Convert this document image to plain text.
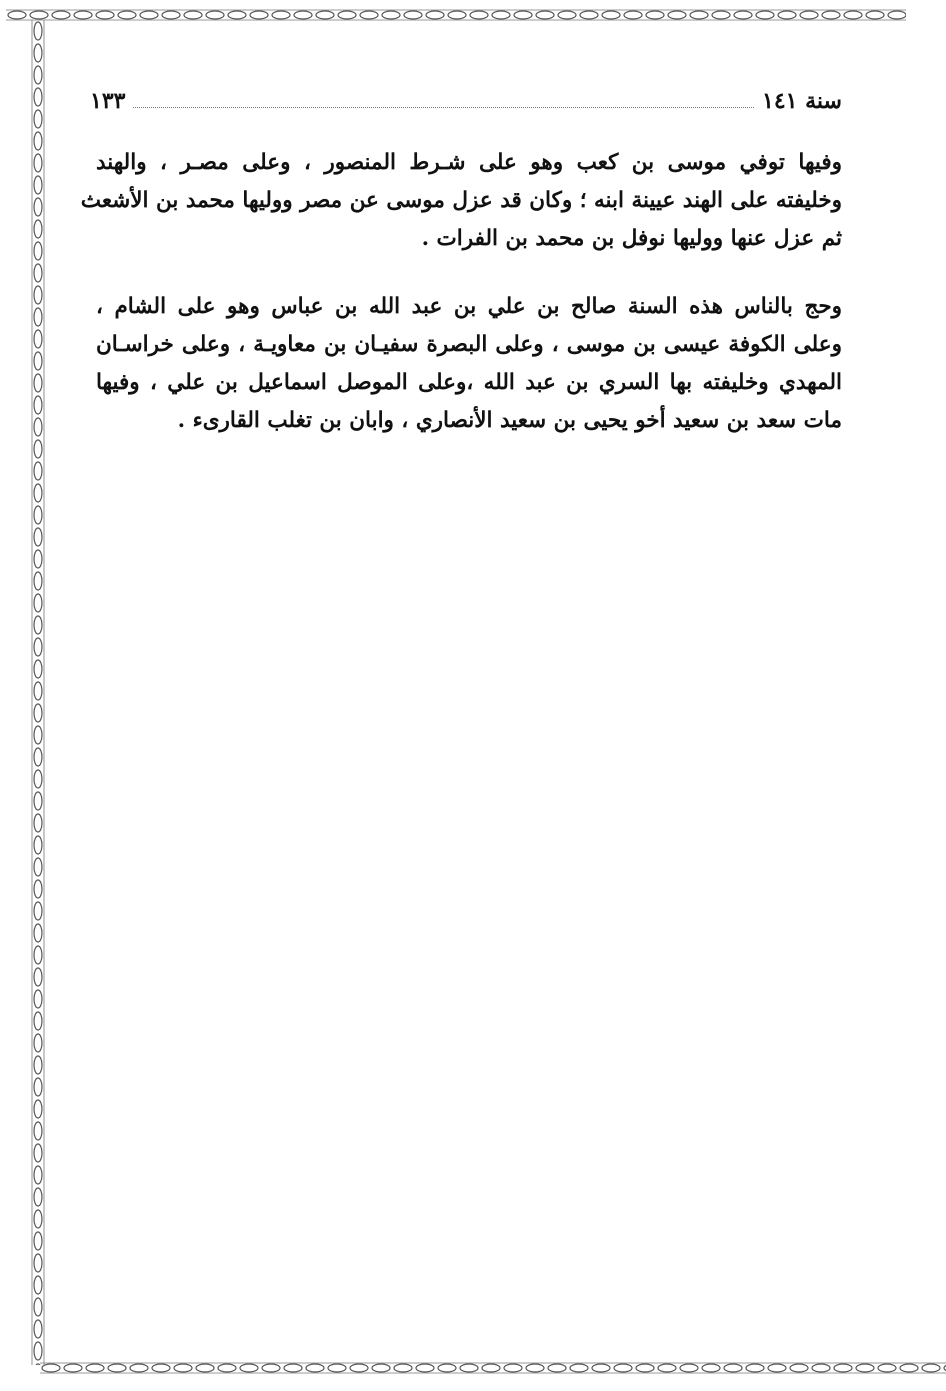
سنة ١٤١
١٣٣
وفيها توفي موسى بن كعب وهو على شـرط المنصور ، وعلى مصـر ، والهند
وخليفته على الهند عيينة ابنه ؛ وكان قد عزل موسى عن مصر ووليها محمد بن الأشعث
ثم عزل عنها ووليها نوفل بن محمد بن الفرات .
وحج بالناس هذه السنة صالح بن علي بن عبد الله بن عباس وهو على الشام ،
وعلى الكوفة عيسى بن موسى ، وعلى البصرة سفيـان بن معاويـة ، وعلى خراسـان
المهدي وخليفته بها السري بن عبد الله ،وعلى الموصل اسماعيل بن علي ، وفيها
مات سعد بن سعيد أخو يحيى بن سعيد الأنصاري ، وابان بن تغلب القارىء .
